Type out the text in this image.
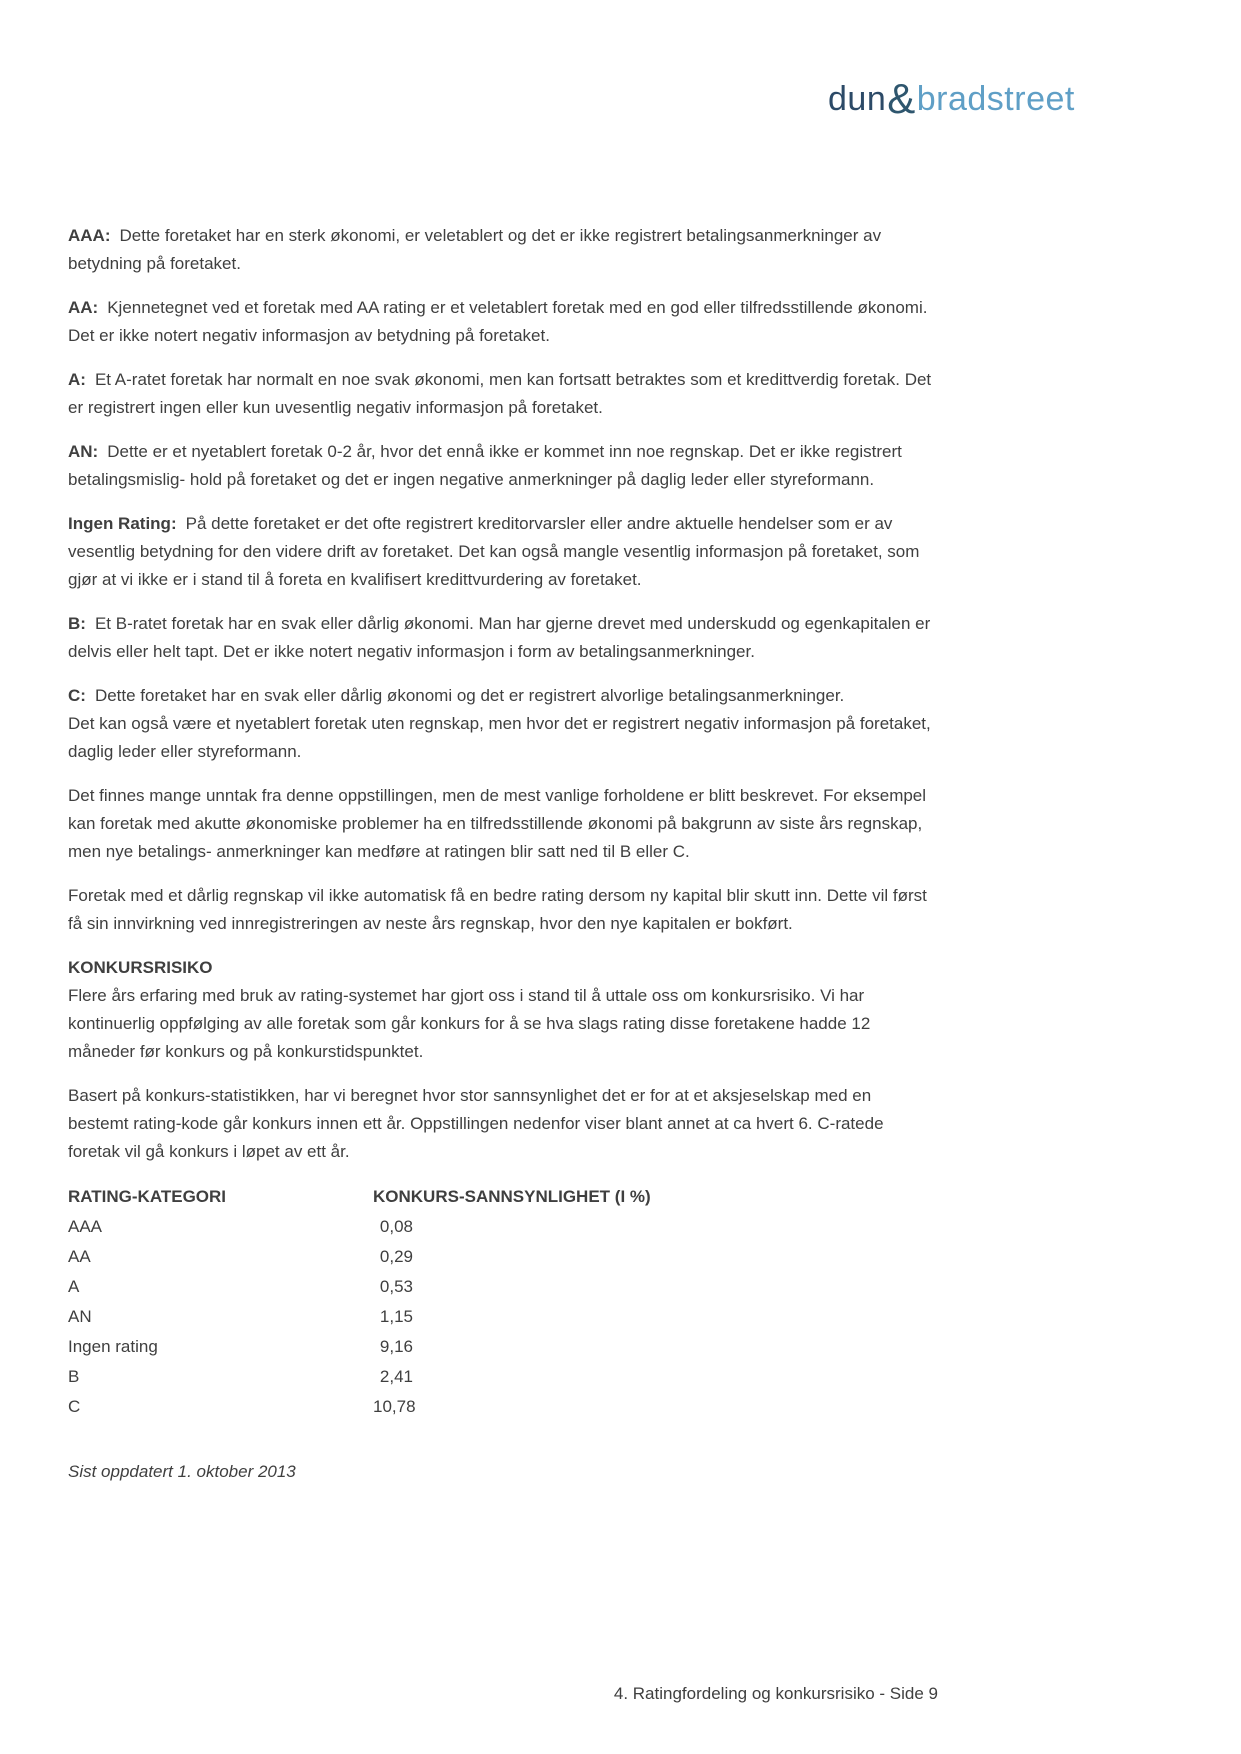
dun&bradstreet

AAA: Dette foretaket har en sterk økonomi, er veletablert og det er ikke registrert betalingsanmerkninger av betydning på foretaket.

AA: Kjennetegnet ved et foretak med AA rating er et veletablert foretak med en god eller tilfredsstillende økonomi. Det er ikke notert negativ informasjon av betydning på foretaket.

A: Et A-ratet foretak har normalt en noe svak økonomi, men kan fortsatt betraktes som et kredittverdig foretak. Det er registrert ingen eller kun uvesentlig negativ informasjon på foretaket.

AN: Dette er et nyetablert foretak 0-2 år, hvor det ennå ikke er kommet inn noe regnskap. Det er ikke registrert betalingsmislig- hold på foretaket og det er ingen negative anmerkninger på daglig leder eller styreformann.

Ingen Rating: På dette foretaket er det ofte registrert kreditorvarsler eller andre aktuelle hendelser som er av vesentlig betydning for den videre drift av foretaket. Det kan også mangle vesentlig informasjon på foretaket, som gjør at vi ikke er i stand til å foreta en kvalifisert kredittvurdering av foretaket.

B: Et B-ratet foretak har en svak eller dårlig økonomi. Man har gjerne drevet med underskudd og egenkapitalen er delvis eller helt tapt. Det er ikke notert negativ informasjon i form av betalingsanmerkninger.

C: Dette foretaket har en svak eller dårlig økonomi og det er registrert alvorlige betalingsanmerkninger.
Det kan også være et nyetablert foretak uten regnskap, men hvor det er registrert negativ informasjon på foretaket, daglig leder eller styreformann.

Det finnes mange unntak fra denne oppstillingen, men de mest vanlige forholdene er blitt beskrevet. For eksempel kan foretak med akutte økonomiske problemer ha en tilfredsstillende økonomi på bakgrunn av siste års regnskap, men nye betalings- anmerkninger kan medføre at ratingen blir satt ned til B eller C.

Foretak med et dårlig regnskap vil ikke automatisk få en bedre rating dersom ny kapital blir skutt inn. Dette vil først få sin innvirkning ved innregistreringen av neste års regnskap, hvor den nye kapitalen er bokført.

KONKURSRISIKO
Flere års erfaring med bruk av rating-systemet har gjort oss i stand til å uttale oss om konkursrisiko. Vi har kontinuerlig oppfølging av alle foretak som går konkurs for å se hva slags rating disse foretakene hadde 12 måneder før konkurs og på konkurstidspunktet.

Basert på konkurs-statistikken, har vi beregnet hvor stor sannsynlighet det er for at et aksjeselskap med en bestemt rating-kode går konkurs innen ett år. Oppstillingen nedenfor viser blant annet at ca hvert 6. C-ratede foretak vil gå konkurs i løpet av ett år.

RATING-KATEGORI	KONKURS-SANNSYNLIGHET (I %)
AAA	0,08
AA	0,29
A	0,53
AN	1,15
Ingen rating	9,16
B	2,41
C	10,78
Sist oppdatert 1. oktober 2013
4. Ratingfordeling og konkursrisiko - Side 9
